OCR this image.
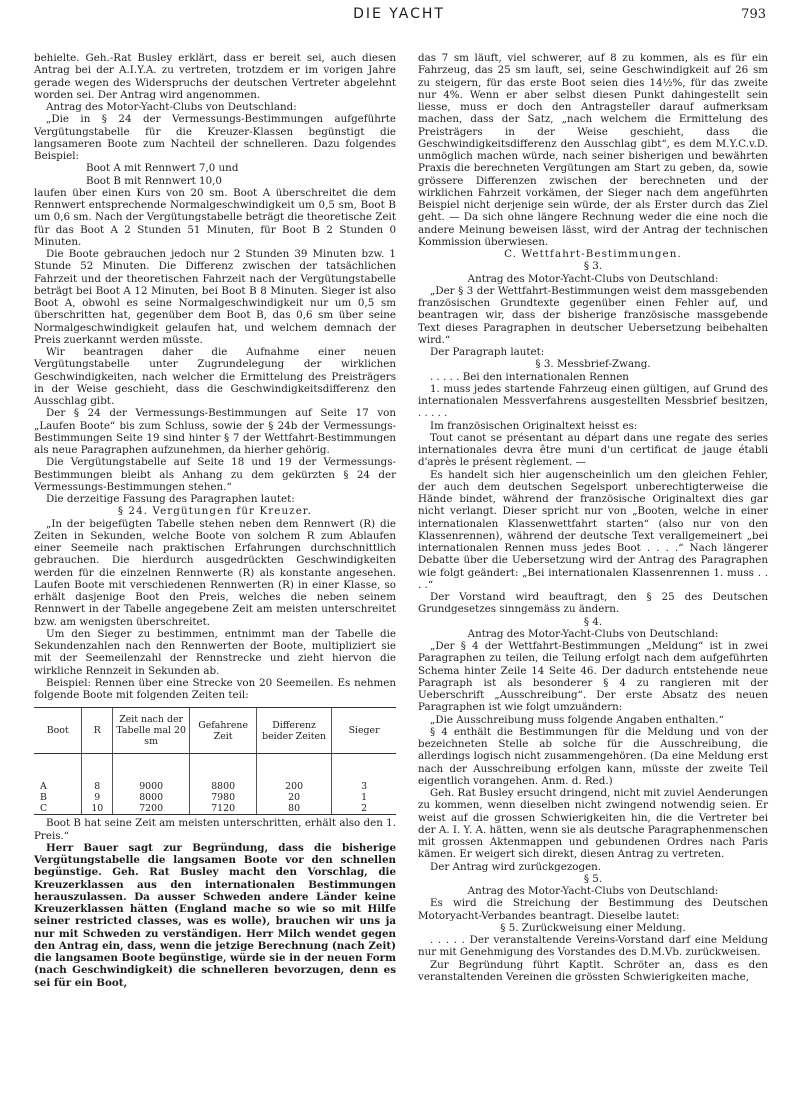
DIE YACHT	793

behielte. Geh.-Rat Busley erklärt, dass er bereit sei, auch diesen Antrag bei der A.I.Y.A. zu vertreten, trotzdem er im vorigen Jahre gerade wegen des Widerspruchs der deutschen Vertreter abgelehnt worden sei. Der Antrag wird angenommen.

Antrag des Motor-Yacht-Clubs von Deutschland:

„Die in § 24 der Vermessungs-Bestimmungen aufgeführte Vergütungstabelle für die Kreuzer-Klassen begünstigt die langsameren Boote zum Nachteil der schnelleren. Dazu folgendes Beispiel:

Boot A mit Rennwert 7,0 und

Boot B mit Rennwert 10,0

laufen über einen Kurs von 20 sm. Boot A überschreitet die dem Rennwert entsprechende Normalgeschwindigkeit um 0,5 sm, Boot B um 0,6 sm. Nach der Vergütungstabelle beträgt die theoretische Zeit für das Boot A 2 Stunden 51 Minuten, für Boot B 2 Stunden 0 Minuten.

Die Boote gebrauchen jedoch nur 2 Stunden 39 Minuten bzw. 1 Stunde 52 Minuten. Die Differenz zwischen der tatsächlichen Fahrzeit und der theoretischen Fahrzeit nach der Vergütungstabelle beträgt bei Boot A 12 Minuten, bei Boot B 8 Minuten. Sieger ist also Boot A, obwohl es seine Normalgeschwindigkeit nur um 0,5 sm überschritten hat, gegenüber dem Boot B, das 0,6 sm über seine Normalgeschwindigkeit gelaufen hat, und welchem demnach der Preis zuerkannt werden müsste.

Wir beantragen daher die Aufnahme einer neuen Vergütungstabelle unter Zugrundelegung der wirklichen Geschwindigkeiten, nach welcher die Ermittelung des Preisträgers in der Weise geschieht, dass die Geschwindigkeitsdifferenz den Ausschlag gibt.

Der § 24 der Vermessungs-Bestimmungen auf Seite 17 von „Laufen Boote“ bis zum Schluss, sowie der § 24b der Vermessungs-Bestimmungen Seite 19 sind hinter § 7 der Wettfahrt-Bestimmungen als neue Paragraphen aufzunehmen, da hierher gehörig.

Die Vergütungstabelle auf Seite 18 und 19 der Vermessungs-Bestimmungen bleibt als Anhang zu dem gekürzten § 24 der Vermessungs-Bestimmungen stehen.“

Die derzeitige Fassung des Paragraphen lautet:

§ 24. Vergütungen für Kreuzer.

„In der beigefügten Tabelle stehen neben dem Rennwert (R) die Zeiten in Sekunden, welche Boote von solchem R zum Ablaufen einer Seemeile nach praktischen Erfahrungen durchschnittlich gebrauchen. Die hierdurch ausgedrückten Geschwindigkeiten werden für die einzelnen Rennwerte (R) als konstante angesehen. Laufen Boote mit verschiedenen Rennwerten (R) in einer Klasse, so erhält dasjenige Boot den Preis, welches die neben seinem Rennwert in der Tabelle angegebene Zeit am meisten unterschreitet bzw. am wenigsten überschreitet.

Um den Sieger zu bestimmen, entnimmt man der Tabelle die Sekundenzahlen nach den Rennwerten der Boote, multipliziert sie mit der Seemeilenzahl der Rennstrecke und zieht hiervon die wirkliche Rennzeit in Sekunden ab.

Beispiel: Rennen über eine Strecke von 20 Seemeilen. Es nehmen folgende Boote mit folgenden Zeiten teil:

Boot	R	Zeit nach der Tabelle mal 20 sm	Gefahrene Zeit	Differenz beider Zeiten	Sieger

A	8	9000	8800	200	3
B	9	8000	7980	20	1
C	10	7200	7120	80	2

Boot B hat seine Zeit am meisten unterschritten, erhält also den 1. Preis.“

Herr Bauer sagt zur Begründung, dass die bisherige Vergütungstabelle die langsamen Boote vor den schnellen begünstige. Geh. Rat Busley macht den Vorschlag, die Kreuzerklassen aus den internationalen Bestimmungen herauszulassen. Da ausser Schweden andere Länder keine Kreuzerklassen hätten (England mache so wie so mit Hilfe seiner restricted classes, was es wolle), brauchen wir uns ja nur mit Schweden zu verständigen. Herr Milch wendet gegen den Antrag ein, dass, wenn die jetzige Berechnung (nach Zeit) die langsamen Boote begünstige, würde sie in der neuen Form (nach Geschwindigkeit) die schnelleren bevorzugen, denn es sei für ein Boot,

das 7 sm läuft, viel schwerer, auf 8 zu kommen, als es für ein Fahrzeug, das 25 sm lauft, sei, seine Geschwindigkeit auf 26 sm zu steigern, für das erste Boot seien dies 14½%, für das zweite nur 4%. Wenn er aber selbst diesen Punkt dahingestellt sein liesse, muss er doch den Antragsteller darauf aufmerksam machen, dass der Satz, „nach welchem die Ermittelung des Preisträgers in der Weise geschieht, dass die Geschwindigkeitsdifferenz den Ausschlag gibt“, es dem M.Y.C.v.D. unmöglich machen würde, nach seiner bisherigen und bewährten Praxis die berechneten Vergütungen am Start zu geben, da, sowie grössere Differenzen zwischen der berechneten und der wirklichen Fahrzeit vorkämen, der Sieger nach dem angeführten Beispiel nicht derjenige sein würde, der als Erster durch das Ziel geht. — Da sich ohne längere Rechnung weder die eine noch die andere Meinung beweisen lässt, wird der Antrag der technischen Kommission überwiesen.

C. Wettfahrt-Bestimmungen.

§ 3.

Antrag des Motor-Yacht-Clubs von Deutschland:

„Der § 3 der Wettfahrt-Bestimmungen weist dem massgebenden französischen Grundtexte gegenüber einen Fehler auf, und beantragen wir, dass der bisherige französische massgebende Text dieses Paragraphen in deutscher Uebersetzung beibehalten wird.“

Der Paragraph lautet:

§ 3. Messbrief-Zwang.

. . . . . Bei den internationalen Rennen

1. muss jedes startende Fahrzeug einen gültigen, auf Grund des internationalen Messverfahrens ausgestellten Messbrief besitzen, . . . . .

Im französischen Originaltext heisst es:

Tout canot se présentant au départ dans une regate des series internationales devra être muni d'un certificat de jauge établi d'après le présent règlement. —

Es handelt sich hier augenscheinlich um den gleichen Fehler, der auch dem deutschen Segelsport unberechtigterweise die Hände bindet, während der französische Originaltext dies gar nicht verlangt. Dieser spricht nur von „Booten, welche in einer internationalen Klassenwettfahrt starten“ (also nur von den Klassenrennen), während der deutsche Text verallgemeinert „bei internationalen Rennen muss jedes Boot . . . .“ Nach längerer Debatte über die Uebersetzung wird der Antrag des Paragraphen wie folgt geändert: „Bei internationalen Klassenrennen 1. muss . . . .“

Der Vorstand wird beauftragt, den § 25 des Deutschen Grundgesetzes sinngemäss zu ändern.

§ 4.

Antrag des Motor-Yacht-Clubs von Deutschland:

„Der § 4 der Wettfahrt-Bestimmungen „Meldung“ ist in zwei Paragraphen zu teilen, die Teilung erfolgt nach dem aufgeführten Schema hinter Zeile 14 Seite 46. Der dadurch entstehende neue Paragraph ist als besonderer § 4 zu rangieren mit der Ueberschrift „Ausschreibung“. Der erste Absatz des neuen Paragraphen ist wie folgt umzuändern:

„Die Ausschreibung muss folgende Angaben enthalten.“

§ 4 enthält die Bestimmungen für die Meldung und von der bezeichneten Stelle ab solche für die Ausschreibung, die allerdings logisch nicht zusammengehören. (Da eine Meldung erst nach der Ausschreibung erfolgen kann, müsste der zweite Teil eigentlich vorangehen. Anm. d. Red.)

Geh. Rat Busley ersucht dringend, nicht mit zuviel Aenderungen zu kommen, wenn dieselben nicht zwingend notwendig seien. Er weist auf die grossen Schwierigkeiten hin, die die Vertreter bei der A. I. Y. A. hätten, wenn sie als deutsche Paragraphenmenschen mit grossen Aktenmappen und gebundenen Ordres nach Paris kämen. Er weigert sich direkt, diesen Antrag zu vertreten.

Der Antrag wird zurückgezogen.

§ 5.

Antrag des Motor-Yacht-Clubs von Deutschland:

Es wird die Streichung der Bestimmung des Deutschen Motoryacht-Verbandes beantragt. Dieselbe lautet:

§ 5. Zurückweisung einer Meldung.

. . . . . Der veranstaltende Vereins-Vorstand darf eine Meldung nur mit Genehmigung des Vorstandes des D.M.Vb. zurückweisen.

Zur Begründung führt Kaptlt. Schröter an, dass es den veranstaltenden Vereinen die grössten Schwierigkeiten mache,
